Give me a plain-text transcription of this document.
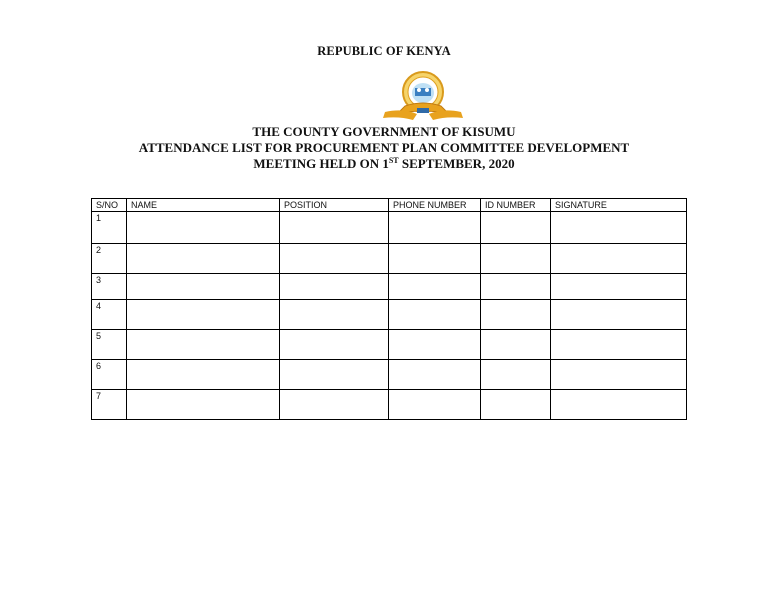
REPUBLIC OF KENYA
THE COUNTY GOVERNMENT OF KISUMU
ATTENDANCE LIST FOR PROCUREMENT PLAN COMMITTEE DEVELOPMENT
MEETING HELD ON 1ST SEPTEMBER, 2020
S/NO	NAME	POSITION	PHONE NUMBER	ID NUMBER	SIGNATURE
1					
2					
3					
4					
5					
6					
7					
